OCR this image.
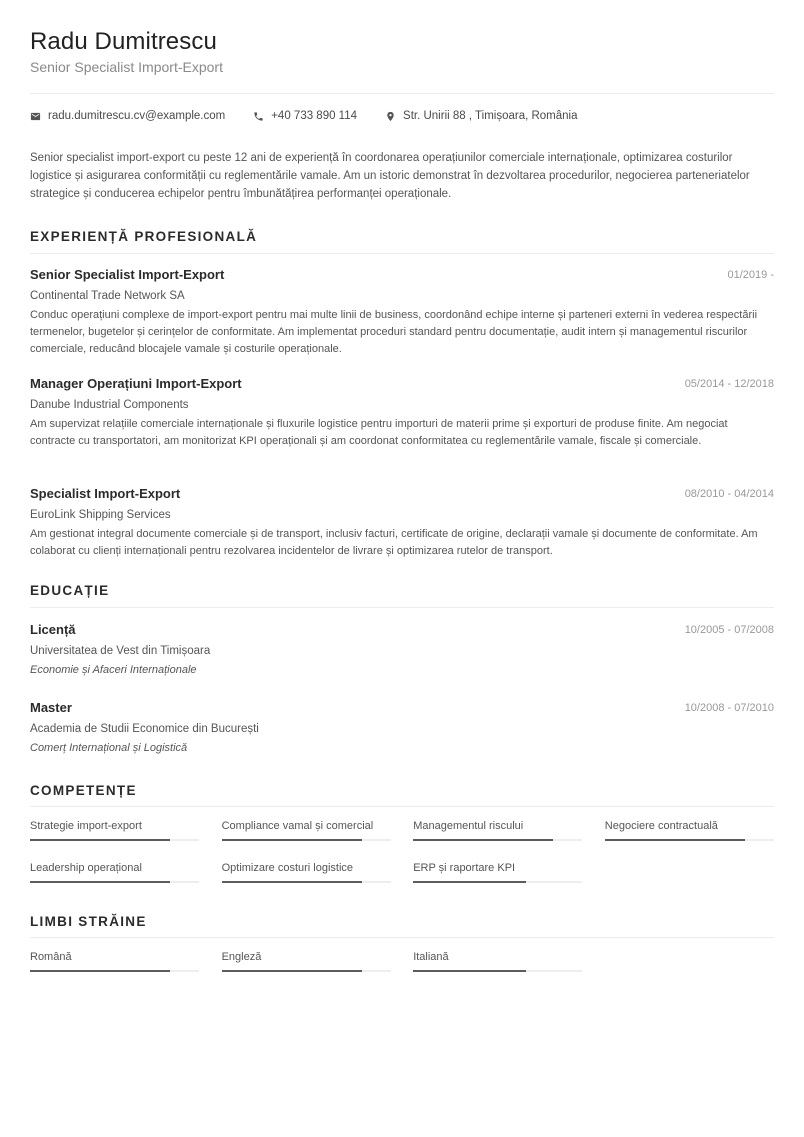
Radu Dumitrescu
Senior Specialist Import-Export
radu.dumitrescu.cv@example.com	+40 733 890 114	Str. Unirii 88 , Timișoara, România

Senior specialist import-export cu peste 12 ani de experiență în coordonarea operațiunilor comerciale internaționale, optimizarea costurilor logistice și asigurarea conformității cu reglementările vamale. Am un istoric demonstrat în dezvoltarea procedurilor, negocierea parteneriatelor strategice și conducerea echipelor pentru îmbunătățirea performanței operaționale.

EXPERIENȚĂ PROFESIONALĂ
Senior Specialist Import-Export	01/2019 -
Continental Trade Network SA
Conduc operațiuni complexe de import-export pentru mai multe linii de business, coordonând echipe interne și parteneri externi în vederea respectării termenelor, bugetelor și cerințelor de conformitate. Am implementat proceduri standard pentru documentație, audit intern și managementul riscurilor comerciale, reducând blocajele vamale și costurile operaționale.
Manager Operațiuni Import-Export	05/2014 - 12/2018
Danube Industrial Components
Am supervizat relațiile comerciale internaționale și fluxurile logistice pentru importuri de materii prime și exporturi de produse finite. Am negociat contracte cu transportatori, am monitorizat KPI operaționali și am coordonat conformitatea cu reglementările vamale, fiscale și comerciale.
Specialist Import-Export	08/2010 - 04/2014
EuroLink Shipping Services
Am gestionat integral documente comerciale și de transport, inclusiv facturi, certificate de origine, declarații vamale și documente de conformitate. Am colaborat cu clienți internaționali pentru rezolvarea incidentelor de livrare și optimizarea rutelor de transport.
EDUCAȚIE
Licență	10/2005 - 07/2008
Universitatea de Vest din Timișoara
Economie și Afaceri Internaționale
Master	10/2008 - 07/2010
Academia de Studii Economice din București
Comerț Internațional și Logistică
COMPETENȚE
Strategie import-export	Compliance vamal și comercial	Managementul riscului	Negociere contractuală
Leadership operațional	Optimizare costuri logistice	ERP și raportare KPI
LIMBI STRĂINE
Română	Engleză	Italiană
